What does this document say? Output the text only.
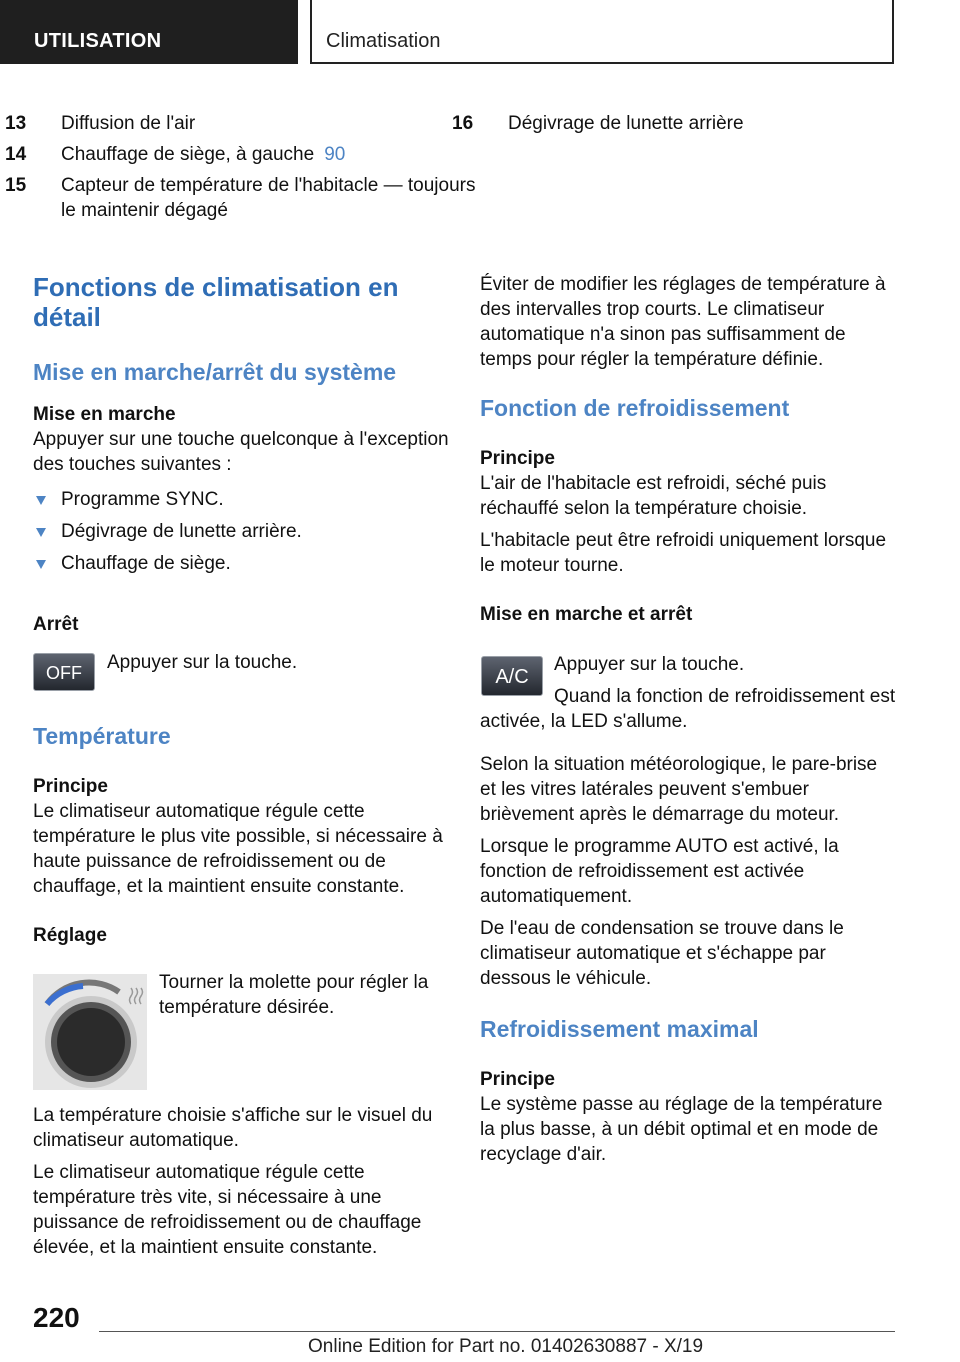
UTILISATION	Climatisation

13 Diffusion de l'air

14 Chauffage de siège, à gauche 90

15 Capteur de température de l'habitacle — toujours le maintenir dégagé

16 Dégivrage de lunette arrière

Fonctions de climatisation en détail
Mise en marche/arrêt du système
Mise en marche

Appuyer sur une touche quelconque à l'exception des touches suivantes :

Programme SYNC.
Dégivrage de lunette arrière.
Chauffage de siège.
Arrêt
OFF	Appuyer sur la touche.

Température
Principe

Le climatiseur automatique régule cette température le plus vite possible, si nécessaire à haute puissance de refroidissement ou de chauffage, et la maintient ensuite constante.

Réglage

Tourner la molette pour régler la température désirée.

La température choisie s'affiche sur le visuel du climatiseur automatique.

Le climatiseur automatique régule cette température très vite, si nécessaire à une puissance de refroidissement ou de chauffage élevée, et la maintient ensuite constante.

Éviter de modifier les réglages de température à des intervalles trop courts. Le climatiseur automatique n'a sinon pas suffisamment de temps pour régler la température définie.

Fonction de refroidissement
Principe

L'air de l'habitacle est refroidi, séché puis réchauffé selon la température choisie.

L'habitacle peut être refroidi uniquement lorsque le moteur tourne.

Mise en marche et arrêt
A/C

Appuyer sur la touche.

Quand la fonction de refroidissement est activée, la LED s'allume.

Selon la situation météorologique, le pare-brise et les vitres latérales peuvent s'embuer brièvement après le démarrage du moteur.

Lorsque le programme AUTO est activé, la fonction de refroidissement est activée automatiquement.

De l'eau de condensation se trouve dans le climatiseur automatique et s'échappe par dessous le véhicule.

Refroidissement maximal
Principe

Le système passe au réglage de la température la plus basse, à un débit optimal et en mode de recyclage d'air.

220
Online Edition for Part no. 01402630887 - X/19
